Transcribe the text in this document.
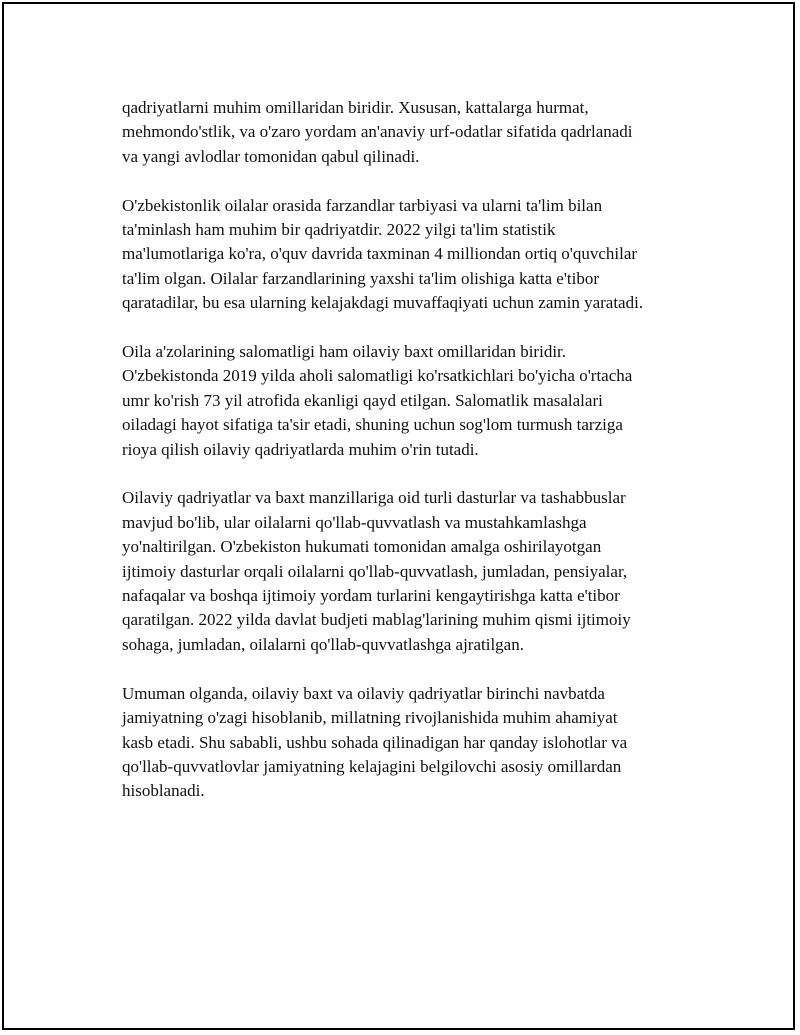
qadriyatlarni muhim omillaridan biridir. Xususan, kattalarga hurmat,
mehmondo'stlik, va o'zaro yordam an'anaviy urf-odatlar sifatida qadrlanadi
va yangi avlodlar tomonidan qabul qilinadi.

O'zbekistonlik oilalar orasida farzandlar tarbiyasi va ularni ta'lim bilan
ta'minlash ham muhim bir qadriyatdir. 2022 yilgi ta'lim statistik
ma'lumotlariga ko'ra, o'quv davrida taxminan 4 milliondan ortiq o'quvchilar
ta'lim olgan. Oilalar farzandlarining yaxshi ta'lim olishiga katta e'tibor
qaratadilar, bu esa ularning kelajakdagi muvaffaqiyati uchun zamin yaratadi.

Oila a'zolarining salomatligi ham oilaviy baxt omillaridan biridir.
O'zbekistonda 2019 yilda aholi salomatligi ko'rsatkichlari bo'yicha o'rtacha
umr ko'rish 73 yil atrofida ekanligi qayd etilgan. Salomatlik masalalari
oiladagi hayot sifatiga ta'sir etadi, shuning uchun sog'lom turmush tarziga
rioya qilish oilaviy qadriyatlarda muhim o'rin tutadi.

Oilaviy qadriyatlar va baxt manzillariga oid turli dasturlar va tashabbuslar
mavjud bo'lib, ular oilalarni qo'llab-quvvatlash va mustahkamlashga
yo'naltirilgan. O'zbekiston hukumati tomonidan amalga oshirilayotgan
ijtimoiy dasturlar orqali oilalarni qo'llab-quvvatlash, jumladan, pensiyalar,
nafaqalar va boshqa ijtimoiy yordam turlarini kengaytirishga katta e'tibor
qaratilgan. 2022 yilda davlat budjeti mablag'larining muhim qismi ijtimoiy
sohaga, jumladan, oilalarni qo'llab-quvvatlashga ajratilgan.

Umuman olganda, oilaviy baxt va oilaviy qadriyatlar birinchi navbatda
jamiyatning o'zagi hisoblanib, millatning rivojlanishida muhim ahamiyat
kasb etadi. Shu sababli, ushbu sohada qilinadigan har qanday islohotlar va
qo'llab-quvvatlovlar jamiyatning kelajagini belgilovchi asosiy omillardan
hisoblanadi.
